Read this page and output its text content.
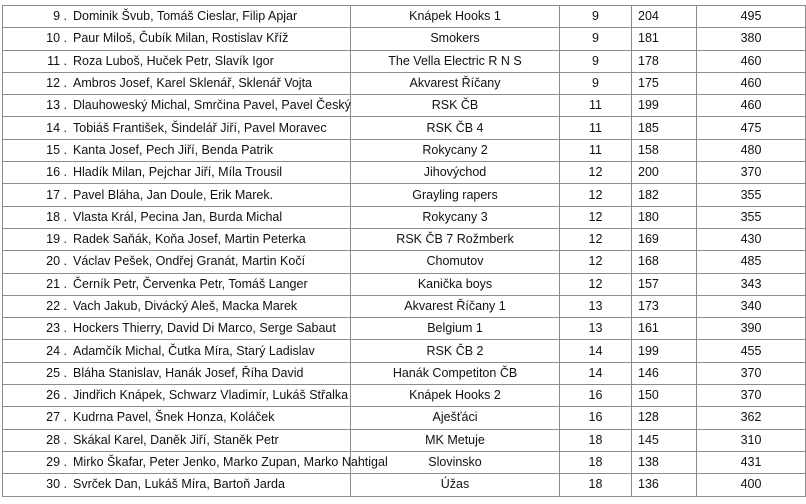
9 .	Dominik Švub, Tomáš Cieslar, Filip Apjar	Knápek Hooks 1	9	204	495
10 .	Paur Miloš, Čubík Milan, Rostislav Kříž	Smokers	9	181	380
11 .	Roza Luboš, Huček Petr, Slavík Igor	The Vella Electric R N S	9	178	460
12 .	Ambros Josef, Karel Sklenář, Sklenář Vojta	Akvarest Říčany	9	175	460
13 .	Dlauhoweský Michal, Smrčina Pavel, Pavel Český	RSK ČB	11	199	460
14 .	Tobiáš František, Šindelář Jiří, Pavel Moravec	RSK ČB 4	11	185	475
15 .	Kanta Josef, Pech Jiří, Benda Patrik	Rokycany 2	11	158	480
16 .	Hladík Milan, Pejchar Jiří, Míla Trousil	Jihovýchod	12	200	370
17 .	Pavel Bláha, Jan Doule, Erik Marek.	Grayling rapers	12	182	355
18 .	Vlasta Král, Pecina Jan, Burda Michal	Rokycany 3	12	180	355
19 .	Radek Saňák, Koňa Josef, Martin Peterka	RSK ČB 7 Rožmberk	12	169	430
20 .	Václav Pešek, Ondřej Granát, Martin Kočí	Chomutov	12	168	485
21 .	Černík Petr, Červenka Petr, Tomáš Langer	Kanička boys	12	157	343
22 .	Vach Jakub, Divácký Aleš, Macka Marek	Akvarest Říčany 1	13	173	340
23 .	Hockers Thierry, David Di Marco, Serge Sabaut	Belgium 1	13	161	390
24 .	Adamčík Michal, Čutka Míra, Starý Ladislav	RSK ČB 2	14	199	455
25 .	Bláha Stanislav, Hanák Josef, Říha David	Hanák Competiton ČB	14	146	370
26 .	Jindřich Knápek, Schwarz Vladimír, Lukáš Střalka	Knápek Hooks 2	16	150	370
27 .	Kudrna Pavel, Šnek Honza, Koláček	Aješťáci	16	128	362
28 .	Skákal Karel, Daněk Jiří, Staněk Petr	MK Metuje	18	145	310
29 .	Mirko Škafar, Peter Jenko, Marko Zupan, Marko Nahtigal	Slovinsko	18	138	431
30 .	Svrček Dan, Lukáš Míra, Bartoň Jarda	Úžas	18	136	400
